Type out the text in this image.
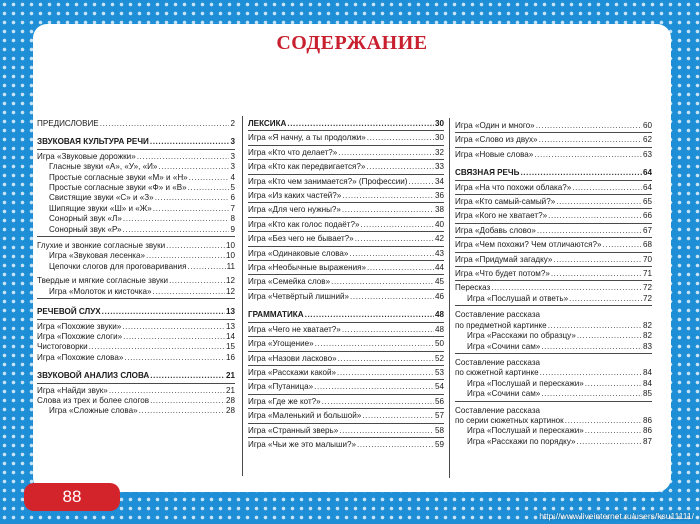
СОДЕРЖАНИЕ
ПРЕДИСЛОВИЕ .....	2
ЗВУКОВАЯ КУЛЬТУРА РЕЧИ .....	3
Игра «Звуковые дорожки» .....	3
Гласные звуки «А», «У», «И» .....	3
Простые согласные звуки «М» и «Н» .....	4
Простые согласные звуки «Ф» и «В» .....	5
Свистящие звуки «С» и «З» .....	6
Шипящие звуки «Ш» и «Ж» .....	7
Сонорный звук «Л» .....	8
Сонорный звук «Р» .....	9
Глухие и звонкие согласные звуки .....	10
Игра «Звуковая лесенка» .....	10
Цепочки слогов для проговаривания .....	11
Твердые и мягкие согласные звуки .....	12
Игра «Молоток и кисточка» .....	12
РЕЧЕВОЙ СЛУХ .....	13
Игра «Похожие звуки» .....	13
Игра «Похожие слоги» .....	14
Чистоговорки .....	15
Игра «Похожие слова» .....	16
ЗВУКОВОЙ АНАЛИЗ СЛОВА .....	21
Игра «Найди звук» .....	21
Слова из трех и более слогов .....	28
Игра «Сложные слова» .....	28
ЛЕКСИКА .....	30
Игра «Я начну, а ты продолжи» .....	30
Игра «Кто что делает?» .....	32
Игра «Кто как передвигается?» .....	33
Игра «Кто чем занимается?» (Профессии) .....	34
Игра «Из каких частей?» .....	36
Игра «Для чего нужны?» .....	38
Игра «Кто как голос подаёт?» .....	40
Игра «Без чего не бывает?» .....	42
Игра «Одинаковые слова» .....	43
Игра «Необычные выражения» .....	44
Игра «Семейка слов» .....	45
Игра «Четвёртый лишний» .....	46
ГРАММАТИКА .....	48
Игра «Чего не хватает?» .....	48
Игра «Угощение» .....	50
Игра «Назови ласково» .....	52
Игра «Расскажи какой» .....	53
Игра «Путаница» .....	54
Игра «Где же кот?» .....	56
Игра «Маленький и большой» .....	57
Игра «Странный зверь» .....	58
Игра «Чьи же это малыши?» .....	59
Игра «Один и много» .....	60
Игра «Слово из двух» .....	62
Игра «Новые слова» .....	63
СВЯЗНАЯ РЕЧЬ .....	64
Игра «На что похожи облака?» .....	64
Игра «Кто самый-самый?» .....	65
Игра «Кого не хватает?» .....	66
Игра «Добавь слово» .....	67
Игра «Чем похожи? Чем отличаются?» .....	68
Игра «Придумай загадку» .....	70
Игра «Что будет потом?» .....	71
Пересказ .....	72
Игра «Послушай и ответь» .....	72
Составление рассказа
по предметной картинке .....	82
Игра «Расскажи по образцу» .....	82
Игра «Сочини сам» .....	83
Составление рассказа
по сюжетной картинке .....	84
Игра «Послушай и перескажи» .....	84
Игра «Сочини сам» .....	85
Составление рассказа
по серии сюжетных картинок .....	86
Игра «Послушай и перескажи» .....	86
Игра «Расскажи по порядку» .....	87
88
http://www.liveinternet.ru/users/ksu11111/
